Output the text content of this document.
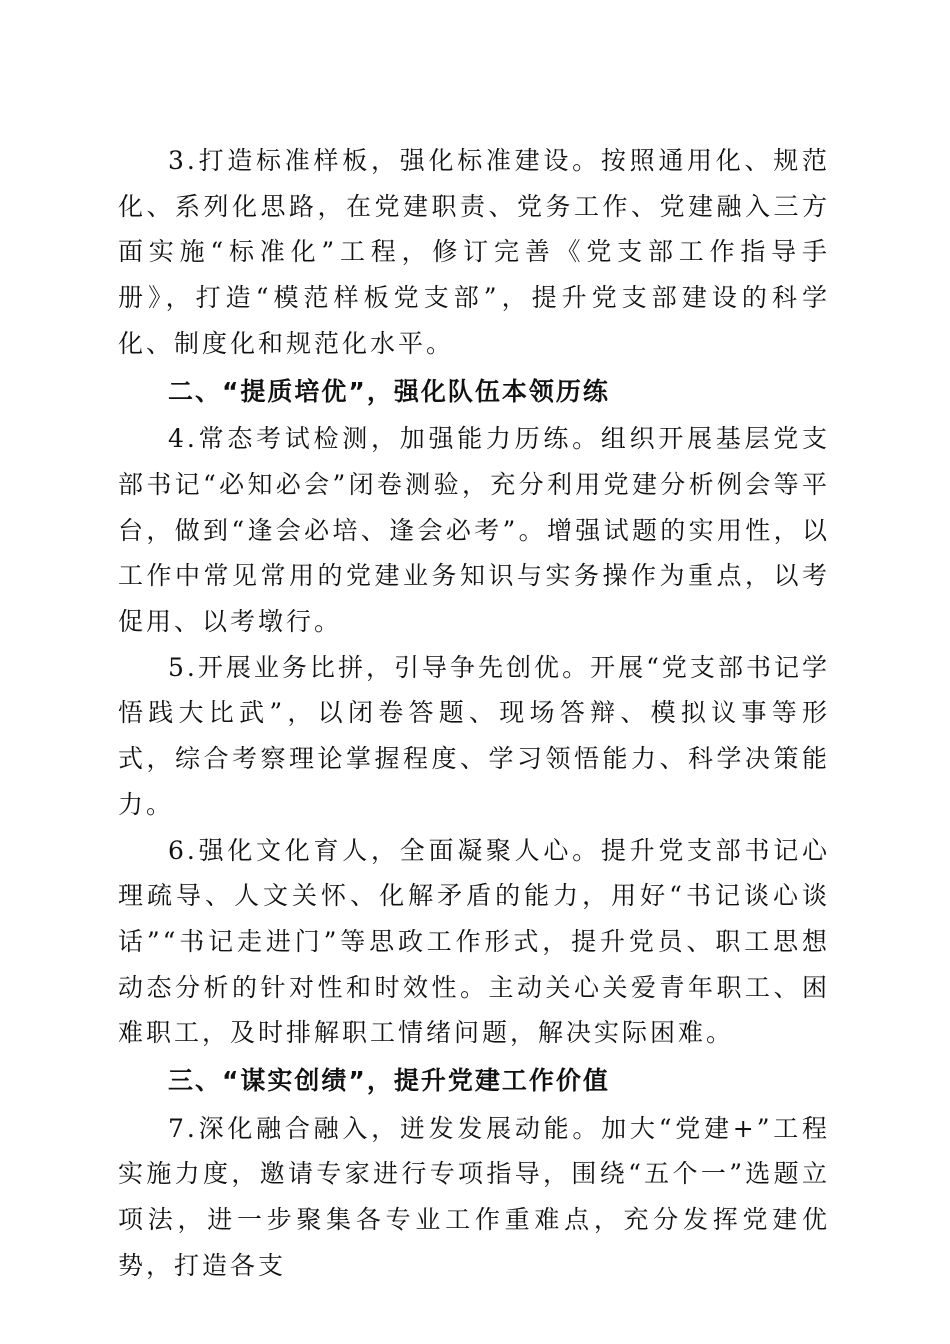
3.打造标准样板，强化标准建设。按照通用化、规范化、系列化思路，在党建职责、党务工作、党建融入三方面实施“标准化”工程，修订完善《党支部工作指导手册》，打造“模范样板党支部”，提升党支部建设的科学化、制度化和规范化水平。

二、“提质培优”，强化队伍本领历练

4.常态考试检测，加强能力历练。组织开展基层党支部书记“必知必会”闭卷测验，充分利用党建分析例会等平台，做到“逢会必培、逢会必考”。增强试题的实用性，以工作中常见常用的党建业务知识与实务操作为重点，以考促用、以考墩行。

5.开展业务比拼，引导争先创优。开展“党支部书记学悟践大比武”，以闭卷答题、现场答辩、模拟议事等形式，综合考察理论掌握程度、学习领悟能力、科学决策能力。

6.强化文化育人，全面凝聚人心。提升党支部书记心理疏导、人文关怀、化解矛盾的能力，用好“书记谈心谈话”“书记走进门”等思政工作形式，提升党员、职工思想动态分析的针对性和时效性。主动关心关爱青年职工、困难职工，及时排解职工情绪问题，解决实际困难。

三、“谋实创绩”，提升党建工作价值

7.深化融合融入，迸发发展动能。加大“党建+”工程实施力度，邀请专家进行专项指导，围绕“五个一”选题立项法，进一步聚集各专业工作重难点，充分发挥党建优势，打造各支
